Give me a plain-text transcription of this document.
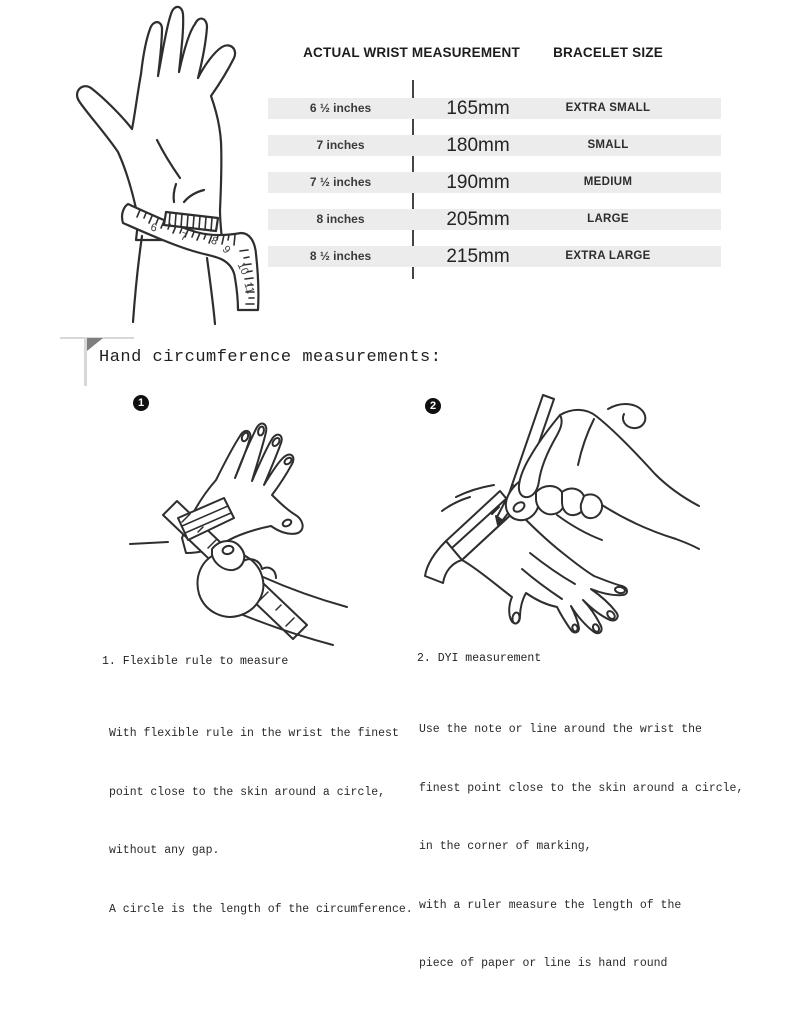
6
7 8
9
10
11
ACTUAL WRIST MEASUREMENT	BRACELET SIZE
6 ½ inches	165mm	EXTRA SMALL
7 inches	180mm	SMALL
7 ½ inches	190mm	MEDIUM
8 inches	205mm	LARGE
8 ½ inches	215mm	EXTRA LARGE
Hand circumference measurements:
1	2
1. Flexible rule to measure	2. DYI measurement

With flexible rule in the wrist the finest

point close to the skin around a circle,

without any gap.

A circle is the length of the circumference.

Use the note or line around the wrist the

finest point close to the skin around a circle,

in the corner of marking,

with a ruler measure the length of the

piece of paper or line is hand round
